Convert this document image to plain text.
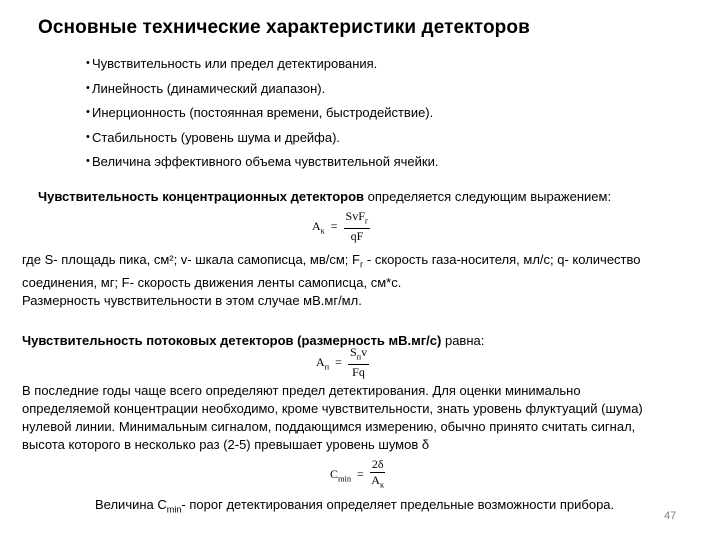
Основные технические характеристики детекторов
• Чувствительность или предел детектирования.
• Линейность (динамический диапазон).
• Инерционность (постоянная времени, быстродействие).
• Стабильность (уровень шума и дрейфа).
• Величина эффективного объема чувствительной ячейки.
Чувствительность концентрационных детекторов определяется следующим выражением:
$A_к = \frac{SvF_г}{qF}$
где S- площадь пика, см²; v- шкала самописца, мв/см; $F_г$ - скорость газа-носителя, мл/с; q- количество
соединения, мг; F- скорость движения ленты самописца, см*с.
Размерность чувствительности в этом случае мВ.мг/мл.
Чувствительность потоковых детекторов (размерность мВ.мг/с) равна:
$A_п = \frac{S_пv}{Fq}$
В последние годы чаще всего определяют предел детектирования. Для оценки минимально
определяемой концентрации необходимо, кроме чувствительности, знать уровень флуктуаций (шума)
нулевой линии. Минимальным сигналом, поддающимся измерению, обычно принято считать сигнал,
высота которого в несколько раз (2-5) превышает уровень шумов δ
$C_{min} = \frac{2\delta}{A_к}$
Величина $C_{min}-$ порог детектирования определяет предельные возможности прибора.
47
